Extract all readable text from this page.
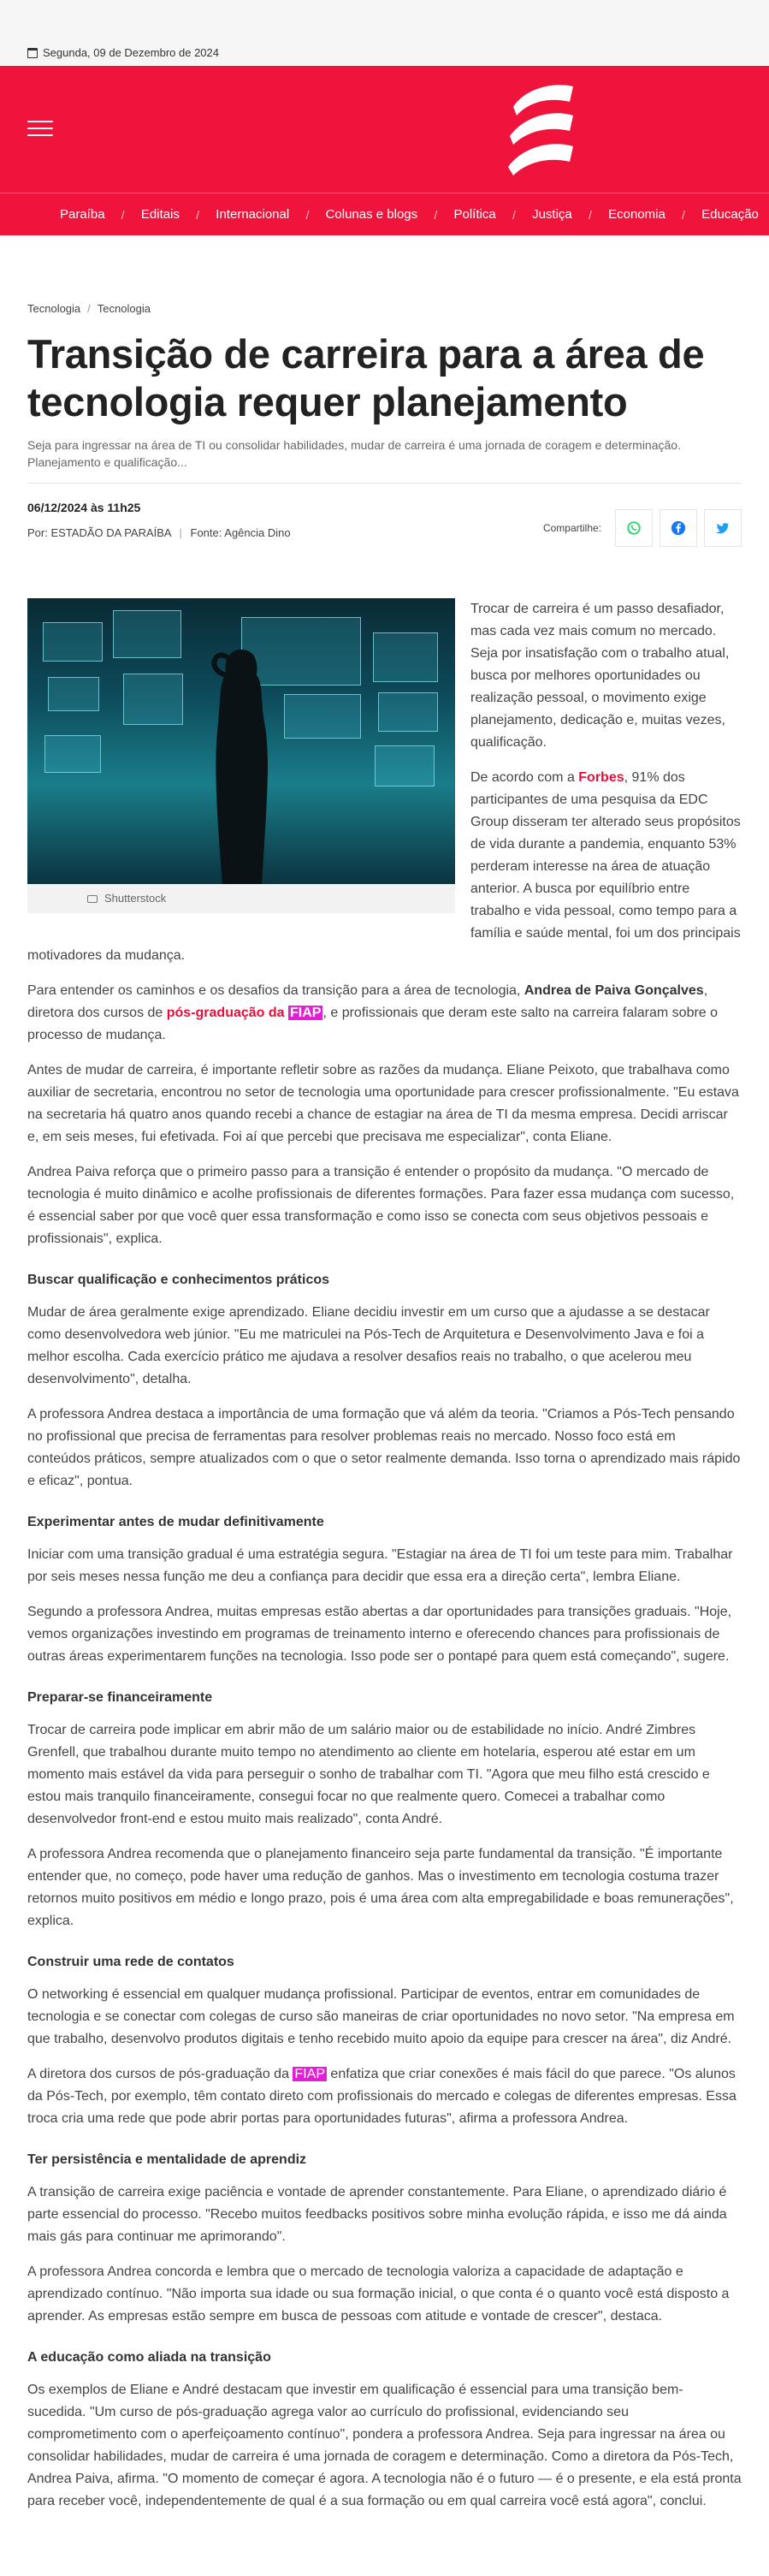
Segunda, 09 de Dezembro de 2024
Paraíba / Editais / Internacional / Colunas e blogs / Política / Justiça / Economia / Educação
Tecnologia / Tecnologia
Transição de carreira para a área de tecnologia requer planejamento

Seja para ingressar na área de TI ou consolidar habilidades, mudar de carreira é uma jornada de coragem e determinação. Planejamento e qualificação...

06/12/2024 às 11h25
Por: ESTADÃO DA PARAÍBA | Fonte: Agência Dino	Compartilhe:
Shutterstock

Trocar de carreira é um passo desafiador, mas cada vez mais comum no mercado. Seja por insatisfação com o trabalho atual, busca por melhores oportunidades ou realização pessoal, o movimento exige planejamento, dedicação e, muitas vezes, qualificação.

De acordo com a Forbes, 91% dos participantes de uma pesquisa da EDC Group disseram ter alterado seus propósitos de vida durante a pandemia, enquanto 53% perderam interesse na área de atuação anterior. A busca por equilíbrio entre trabalho e vida pessoal, como tempo para a família e saúde mental, foi um dos principais motivadores da mudança.

Para entender os caminhos e os desafios da transição para a área de tecnologia, Andrea de Paiva Gonçalves, diretora dos cursos de pós-graduação da FIAP , e profissionais que deram este salto na carreira falaram sobre o processo de mudança.

Antes de mudar de carreira, é importante refletir sobre as razões da mudança. Eliane Peixoto, que trabalhava como auxiliar de secretaria, encontrou no setor de tecnologia uma oportunidade para crescer profissionalmente. "Eu estava na secretaria há quatro anos quando recebi a chance de estagiar na área de TI da mesma empresa. Decidi arriscar e, em seis meses, fui efetivada. Foi aí que percebi que precisava me especializar", conta Eliane.

Andrea Paiva reforça que o primeiro passo para a transição é entender o propósito da mudança. "O mercado de tecnologia é muito dinâmico e acolhe profissionais de diferentes formações. Para fazer essa mudança com sucesso, é essencial saber por que você quer essa transformação e como isso se conecta com seus objetivos pessoais e profissionais", explica.

Buscar qualificação e conhecimentos práticos

Mudar de área geralmente exige aprendizado. Eliane decidiu investir em um curso que a ajudasse a se destacar como desenvolvedora web júnior. "Eu me matriculei na Pós-Tech de Arquitetura e Desenvolvimento Java e foi a melhor escolha. Cada exercício prático me ajudava a resolver desafios reais no trabalho, o que acelerou meu desenvolvimento", detalha.

A professora Andrea destaca a importância de uma formação que vá além da teoria. "Criamos a Pós-Tech pensando no profissional que precisa de ferramentas para resolver problemas reais no mercado. Nosso foco está em conteúdos práticos, sempre atualizados com o que o setor realmente demanda. Isso torna o aprendizado mais rápido e eficaz", pontua.

Experimentar antes de mudar definitivamente

Iniciar com uma transição gradual é uma estratégia segura. "Estagiar na área de TI foi um teste para mim. Trabalhar por seis meses nessa função me deu a confiança para decidir que essa era a direção certa", lembra Eliane.

Segundo a professora Andrea, muitas empresas estão abertas a dar oportunidades para transições graduais. "Hoje, vemos organizações investindo em programas de treinamento interno e oferecendo chances para profissionais de outras áreas experimentarem funções na tecnologia. Isso pode ser o pontapé para quem está começando", sugere.

Preparar-se financeiramente

Trocar de carreira pode implicar em abrir mão de um salário maior ou de estabilidade no início. André Zimbres Grenfell, que trabalhou durante muito tempo no atendimento ao cliente em hotelaria, esperou até estar em um momento mais estável da vida para perseguir o sonho de trabalhar com TI. "Agora que meu filho está crescido e estou mais tranquilo financeiramente, consegui focar no que realmente quero. Comecei a trabalhar como desenvolvedor front-end e estou muito mais realizado", conta André.

A professora Andrea recomenda que o planejamento financeiro seja parte fundamental da transição. "É importante entender que, no começo, pode haver uma redução de ganhos. Mas o investimento em tecnologia costuma trazer retornos muito positivos em médio e longo prazo, pois é uma área com alta empregabilidade e boas remunerações", explica.

Construir uma rede de contatos

O networking é essencial em qualquer mudança profissional. Participar de eventos, entrar em comunidades de tecnologia e se conectar com colegas de curso são maneiras de criar oportunidades no novo setor. "Na empresa em que trabalho, desenvolvo produtos digitais e tenho recebido muito apoio da equipe para crescer na área", diz André.

A diretora dos cursos de pós-graduação da FIAP enfatiza que criar conexões é mais fácil do que parece. "Os alunos da Pós-Tech, por exemplo, têm contato direto com profissionais do mercado e colegas de diferentes empresas. Essa troca cria uma rede que pode abrir portas para oportunidades futuras", afirma a professora Andrea.

Ter persistência e mentalidade de aprendiz

A transição de carreira exige paciência e vontade de aprender constantemente. Para Eliane, o aprendizado diário é parte essencial do processo. "Recebo muitos feedbacks positivos sobre minha evolução rápida, e isso me dá ainda mais gás para continuar me aprimorando".

A professora Andrea concorda e lembra que o mercado de tecnologia valoriza a capacidade de adaptação e aprendizado contínuo. "Não importa sua idade ou sua formação inicial, o que conta é o quanto você está disposto a aprender. As empresas estão sempre em busca de pessoas com atitude e vontade de crescer", destaca.

A educação como aliada na transição

Os exemplos de Eliane e André destacam que investir em qualificação é essencial para uma transição bem-sucedida. "Um curso de pós-graduação agrega valor ao currículo do profissional, evidenciando seu comprometimento com o aperfeiçoamento contínuo", pondera a professora Andrea. Seja para ingressar na área ou consolidar habilidades, mudar de carreira é uma jornada de coragem e determinação. Como a diretora da Pós-Tech, Andrea Paiva, afirma. "O momento de começar é agora. A tecnologia não é o futuro — é o presente, e ela está pronta para receber você, independentemente de qual é a sua formação ou em qual carreira você está agora", conclui.
